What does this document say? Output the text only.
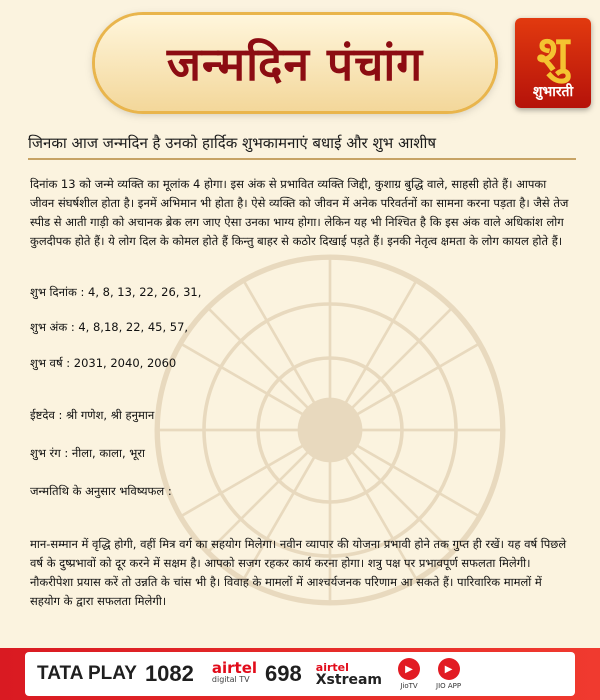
जन्मदिन पंचांग	शु
शुभारती
जिनका आज जन्मदिन है उनको हार्दिक शुभकामनाएं बधाई और शुभ आशीष

दिनांक 13 को जन्मे व्यक्ति का मूलांक 4 होगा। इस अंक से प्रभावित व्यक्ति जिद्दी, कुशाग्र बुद्धि वाले, साहसी होते हैं। आपका जीवन संघर्षशील होता है। इनमें अभिमान भी होता है। ऐसे व्यक्ति को जीवन में अनेक परिवर्तनों का सामना करना पड़ता है। जैसे तेज स्पीड से आती गाड़ी को अचानक ब्रेक लग जाए ऐसा उनका भाग्य होगा। लेकिन यह भी निश्चित है कि इस अंक वाले अधिकांश लोग कुलदीपक होते हैं। ये लोग दिल के कोमल होते हैं किन्तु बाहर से कठोर दिखाई पड़ते हैं। इनकी नेतृत्व क्षमता के लोग कायल होते हैं।

शुभ दिनांक : 4, 8, 13, 22, 26, 31,
शुभ अंक : 4, 8,18, 22, 45, 57,
शुभ वर्ष : 2031, 2040, 2060
ईष्टदेव : श्री गणेश, श्री हनुमान
शुभ रंग : नीला, काला, भूरा
जन्मतिथि के अनुसार भविष्यफल :

मान-सम्मान में वृद्धि होगी, वहीं मित्र वर्ग का सहयोग मिलेगा। नवीन व्यापार की योजना प्रभावी होने तक गुप्त ही रखें। यह वर्ष पिछले वर्ष के दुष्प्रभावों को दूर करने में सक्षम है। आपको सजग रहकर कार्य करना होगा। शत्रु पक्ष पर प्रभावपूर्ण सफलता मिलेगी। नौकरीपेशा प्रयास करें तो उन्नति के चांस भी है। विवाह के मामलों में आश्चर्यजनक परिणाम आ सकते हैं। पारिवारिक मामलों में सहयोग के द्वारा सफलता मिलेगी।

TATA PLAY 1082 airtel
digital TV 698 airtel
Xstream
▶
JioTV
▶
JIO APP
